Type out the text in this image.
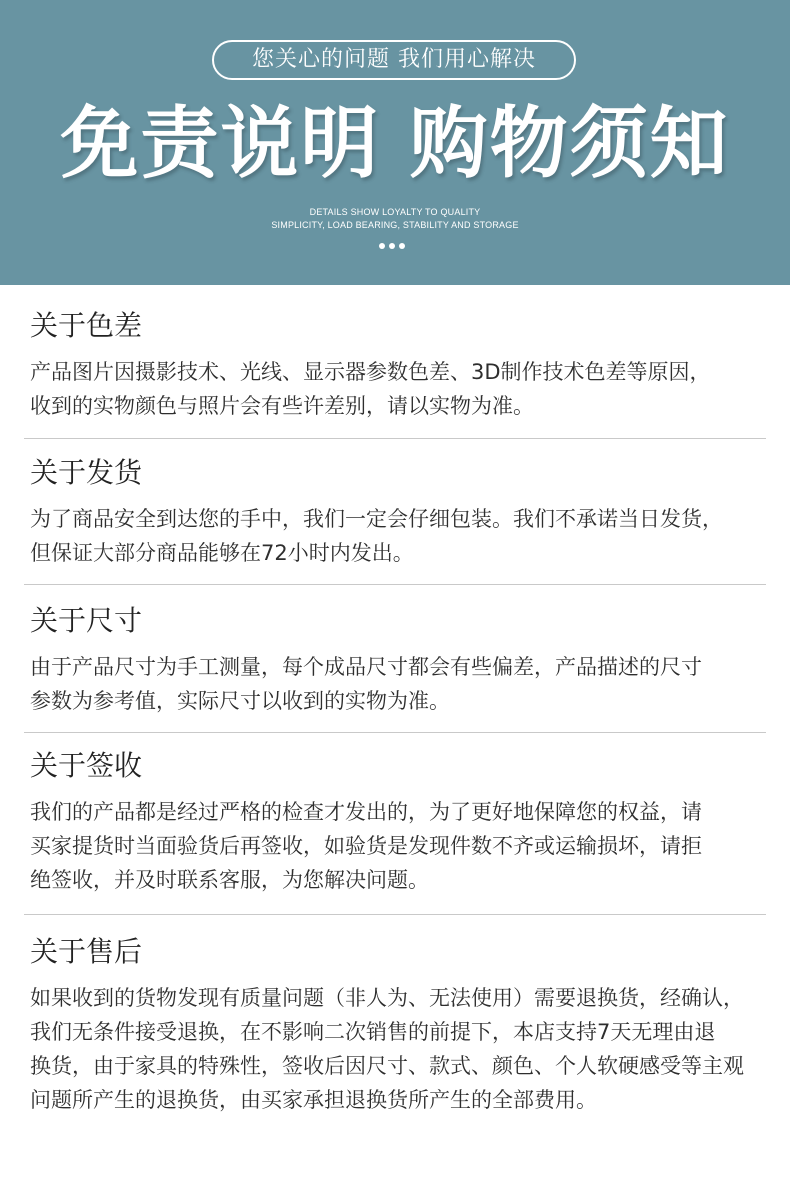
您关心的问题 我们用心解决
免责说明 购物须知
DETAILS SHOW LOYALTY TO QUALITY
SIMPLICITY, LOAD BEARING, STABILITY AND STORAGE
关于色差
产品图片因摄影技术、光线、显示器参数色差、3D制作技术色差等原因，
收到的实物颜色与照片会有些许差别，请以实物为准。
关于发货
为了商品安全到达您的手中，我们一定会仔细包装。我们不承诺当日发货，
但保证大部分商品能够在72小时内发出。
关于尺寸
由于产品尺寸为手工测量，每个成品尺寸都会有些偏差，产品描述的尺寸
参数为参考值，实际尺寸以收到的实物为准。
关于签收
我们的产品都是经过严格的检查才发出的，为了更好地保障您的权益，请
买家提货时当面验货后再签收，如验货是发现件数不齐或运输损坏，请拒
绝签收，并及时联系客服，为您解决问题。
关于售后
如果收到的货物发现有质量问题（非人为、无法使用）需要退换货，经确认，
我们无条件接受退换，在不影响二次销售的前提下，本店支持7天无理由退
换货，由于家具的特殊性，签收后因尺寸、款式、颜色、个人软硬感受等主观
问题所产生的退换货，由买家承担退换货所产生的全部费用。
